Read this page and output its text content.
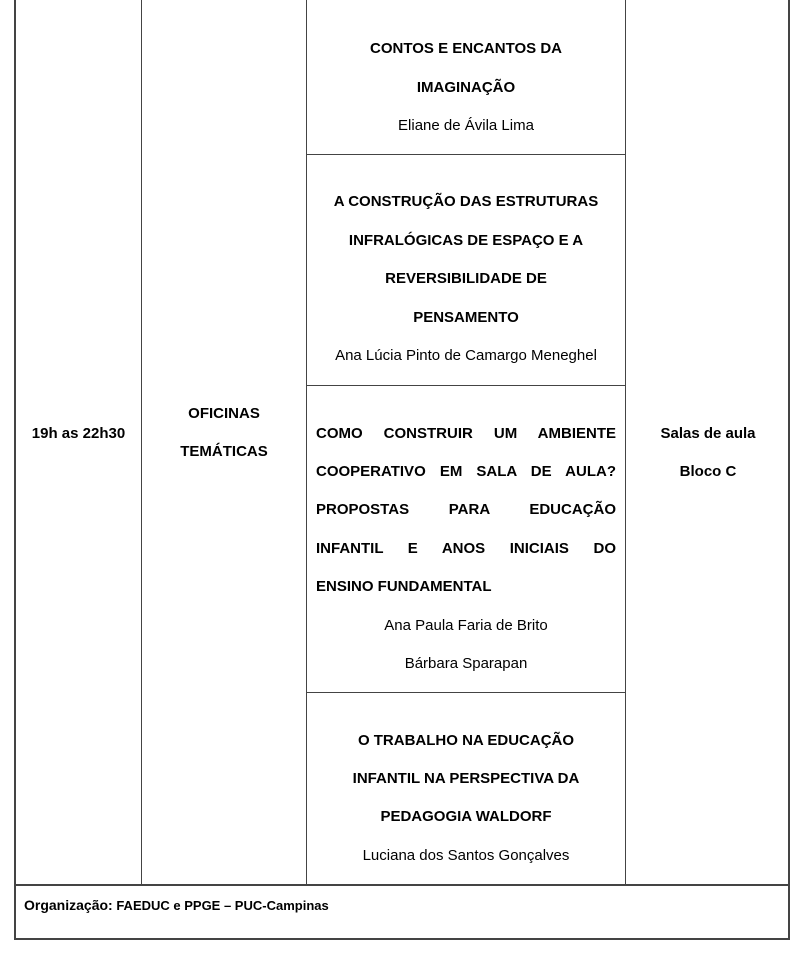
19h as 22h30
OFICINAS
TEMÁTICAS
Salas de aula
Bloco C
CONTOS E ENCANTOS DA
IMAGINAÇÃO
Eliane de Ávila Lima
A CONSTRUÇÃO DAS ESTRUTURAS
INFRALÓGICAS DE ESPAÇO E A
REVERSIBILIDADE DE
PENSAMENTO
Ana Lúcia Pinto de Camargo Meneghel
COMO CONSTRUIR UM AMBIENTE
COOPERATIVO EM SALA DE AULA?
PROPOSTAS PARA EDUCAÇÃO
INFANTIL E ANOS INICIAIS DO
ENSINO FUNDAMENTAL
Ana Paula Faria de Brito
Bárbara Sparapan
O TRABALHO NA EDUCAÇÃO
INFANTIL NA PERSPECTIVA DA
PEDAGOGIA WALDORF
Luciana dos Santos Gonçalves
Organização: FAEDUC e PPGE – PUC-Campinas
